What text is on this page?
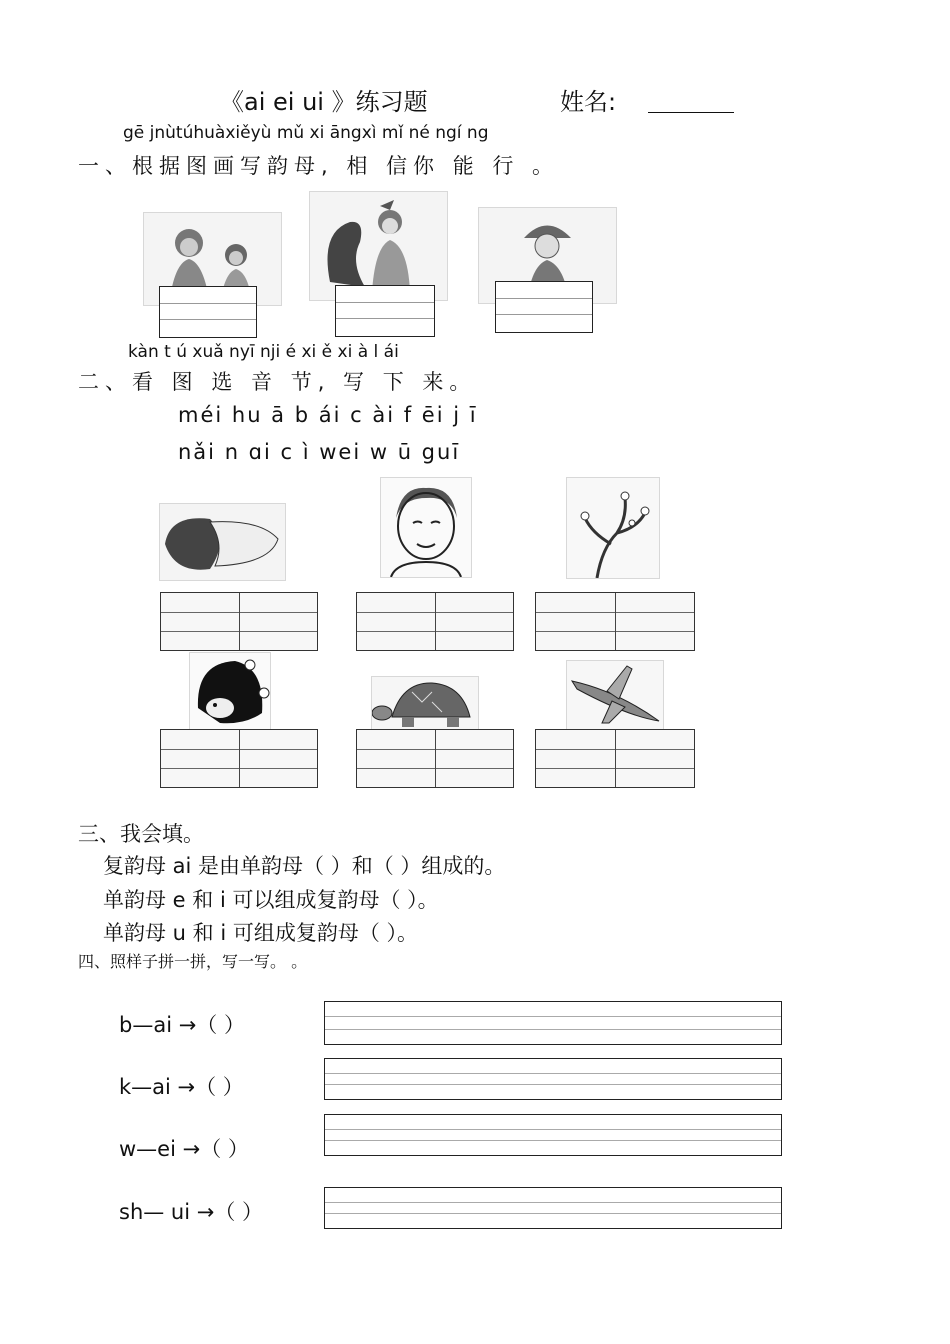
《ai ei ui 》练习题	姓名:
gē jnùtúhuàxiěyù mǔ xi āngxì mǐ né ngí ng
一、根据图画写韵母, 相 信你 能 行 。
kàn t ú xuǎ nyī nji é xi ě xi à l ái
二、看 图 选 音 节, 写 下 来。
méi hu ā b ái c ài f ēi j ī
nǎi n ɑi c ì wei w ū guī
三、我会填。
复韵母 ai 是由单韵母（ ）和（ ）组成的。
单韵母 e 和 i 可以组成复韵母（ ）。
单韵母 u 和 i 可组成复韵母（ ）。
四、照样子拼一拼，写一写。 。
b—ai →（ ）
k—ai →（ ）
w—ei →（ ）
sh— ui →（ ）
